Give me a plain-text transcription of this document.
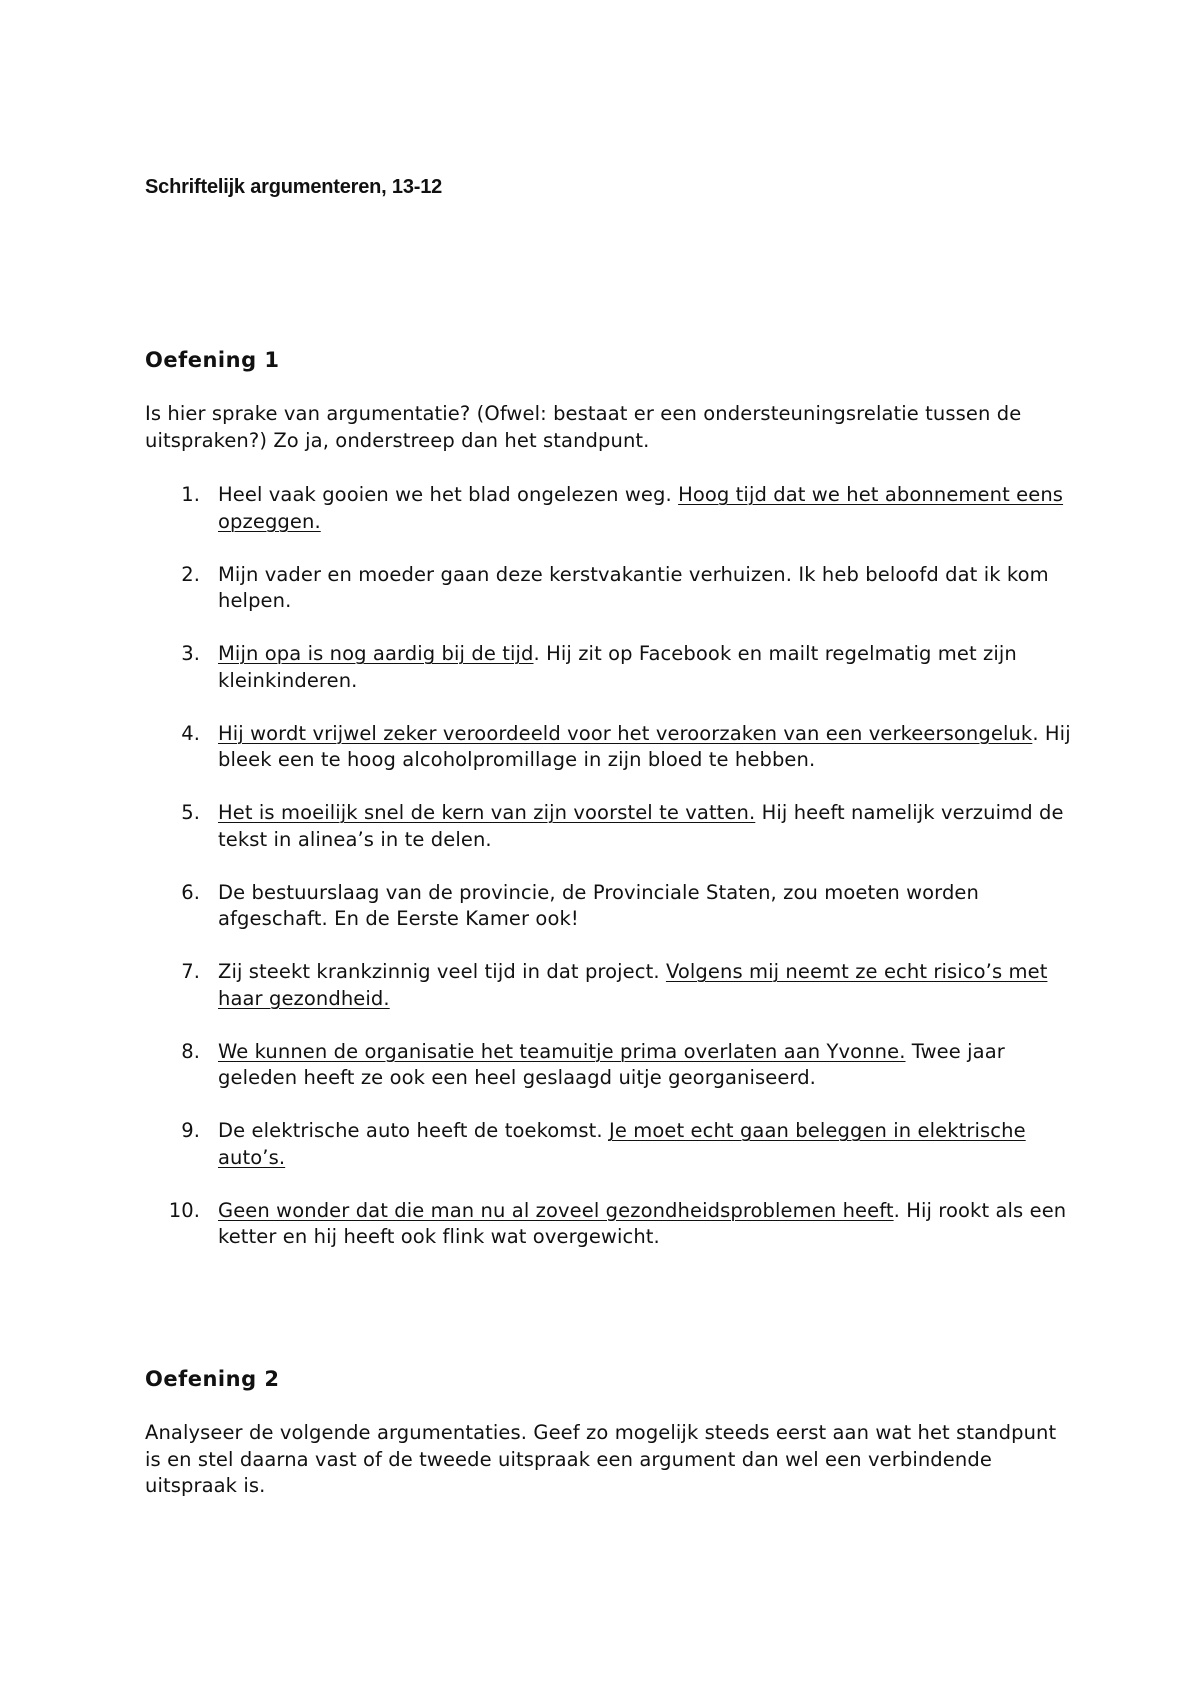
Schriftelijk argumenteren, 13-12
Oefening 1

Is hier sprake van argumentatie? (Ofwel: bestaat er een ondersteuningsrelatie tussen de uitspraken?) Zo ja, onderstreep dan het standpunt.

1. Heel vaak gooien we het blad ongelezen weg. Hoog tijd dat we het abonnement eens opzeggen.
2. Mijn vader en moeder gaan deze kerstvakantie verhuizen. Ik heb beloofd dat ik kom helpen.
3. Mijn opa is nog aardig bij de tijd. Hij zit op Facebook en mailt regelmatig met zijn kleinkinderen.
4. Hij wordt vrijwel zeker veroordeeld voor het veroorzaken van een verkeersongeluk. Hij bleek een te hoog alcoholpromillage in zijn bloed te hebben.
5. Het is moeilijk snel de kern van zijn voorstel te vatten. Hij heeft namelijk verzuimd de tekst in alinea’s in te delen.
6. De bestuurslaag van de provincie, de Provinciale Staten, zou moeten worden afgeschaft. En de Eerste Kamer ook!
7. Zij steekt krankzinnig veel tijd in dat project. Volgens mij neemt ze echt risico’s met haar gezondheid.
8. We kunnen de organisatie het teamuitje prima overlaten aan Yvonne. Twee jaar geleden heeft ze ook een heel geslaagd uitje georganiseerd.
9. De elektrische auto heeft de toekomst. Je moet echt gaan beleggen in elektrische auto’s.
10. Geen wonder dat die man nu al zoveel gezondheidsproblemen heeft. Hij rookt als een ketter en hij heeft ook flink wat overgewicht.
Oefening 2

Analyseer de volgende argumentaties. Geef zo mogelijk steeds eerst aan wat het standpunt is en stel daarna vast of de tweede uitspraak een argument dan wel een verbindende uitspraak is.
